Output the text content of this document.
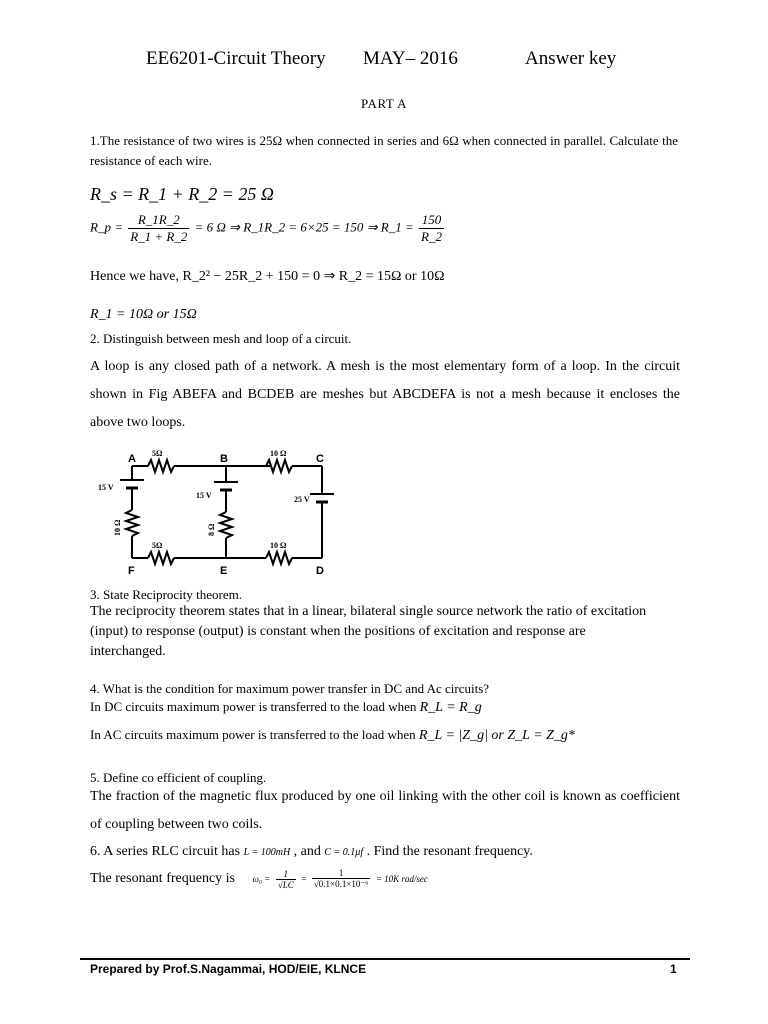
EE6201-Circuit Theory MAY– 2016	Answer key
PART A
1.The resistance of two wires is 25Ω when connected in series and 6Ω when connected in parallel. Calculate the resistance of each wire.
R_s = R_1 + R_2 = 25 Ω
R_p = $\frac{R\_1R\_2}{R\_1 + R\_2} = 6$ Ω ⇒ R_1R_2 = 6×25 = 150 ⇒ R_1 = $\frac{150}{R\_2}$
Hence we have, R_2² − 25R_2 + 150 = 0 ⇒ R_2 = 15Ω or 10Ω
R_1 = 10Ω or 15Ω
2. Distinguish between mesh and loop of a circuit.
A loop is any closed path of a network. A mesh is the most elementary form of a loop. In the circuit shown in Fig ABEFA and BCDEB are meshes but ABCDEFA is not a mesh because it encloses the above two loops.
A	B	C
D
E
F
5Ω	10 Ω
5Ω	10 Ω
15 V
15 V	25 V
10 Ω	8 Ω
3. State Reciprocity theorem.
The reciprocity theorem states that in a linear, bilateral single source network the ratio of excitation (input) to response (output) is constant when the positions of excitation and response are interchanged.
4. What is the condition for maximum power transfer in DC and Ac circuits?
In DC circuits maximum power is transferred to the load when R_L = R_g
In AC circuits maximum power is transferred to the load when R_L = |Z_g| or Z_L = Z_g*
5. Define co efficient of coupling.
The fraction of the magnetic flux produced by one oil linking with the other coil is known as coefficient of coupling between two coils.
6. A series RLC circuit has L = 100mH , and C = 0.1μf . Find the resonant frequency.
The resonant frequency is $\omega_0 = \frac{1}{√LC} = \frac{1}{\text{√0.1×0.1×10⁻⁶}} = 10K$ rad/sec
Prepared by Prof.S.Nagammai, HOD/EIE, KLNCE	1
